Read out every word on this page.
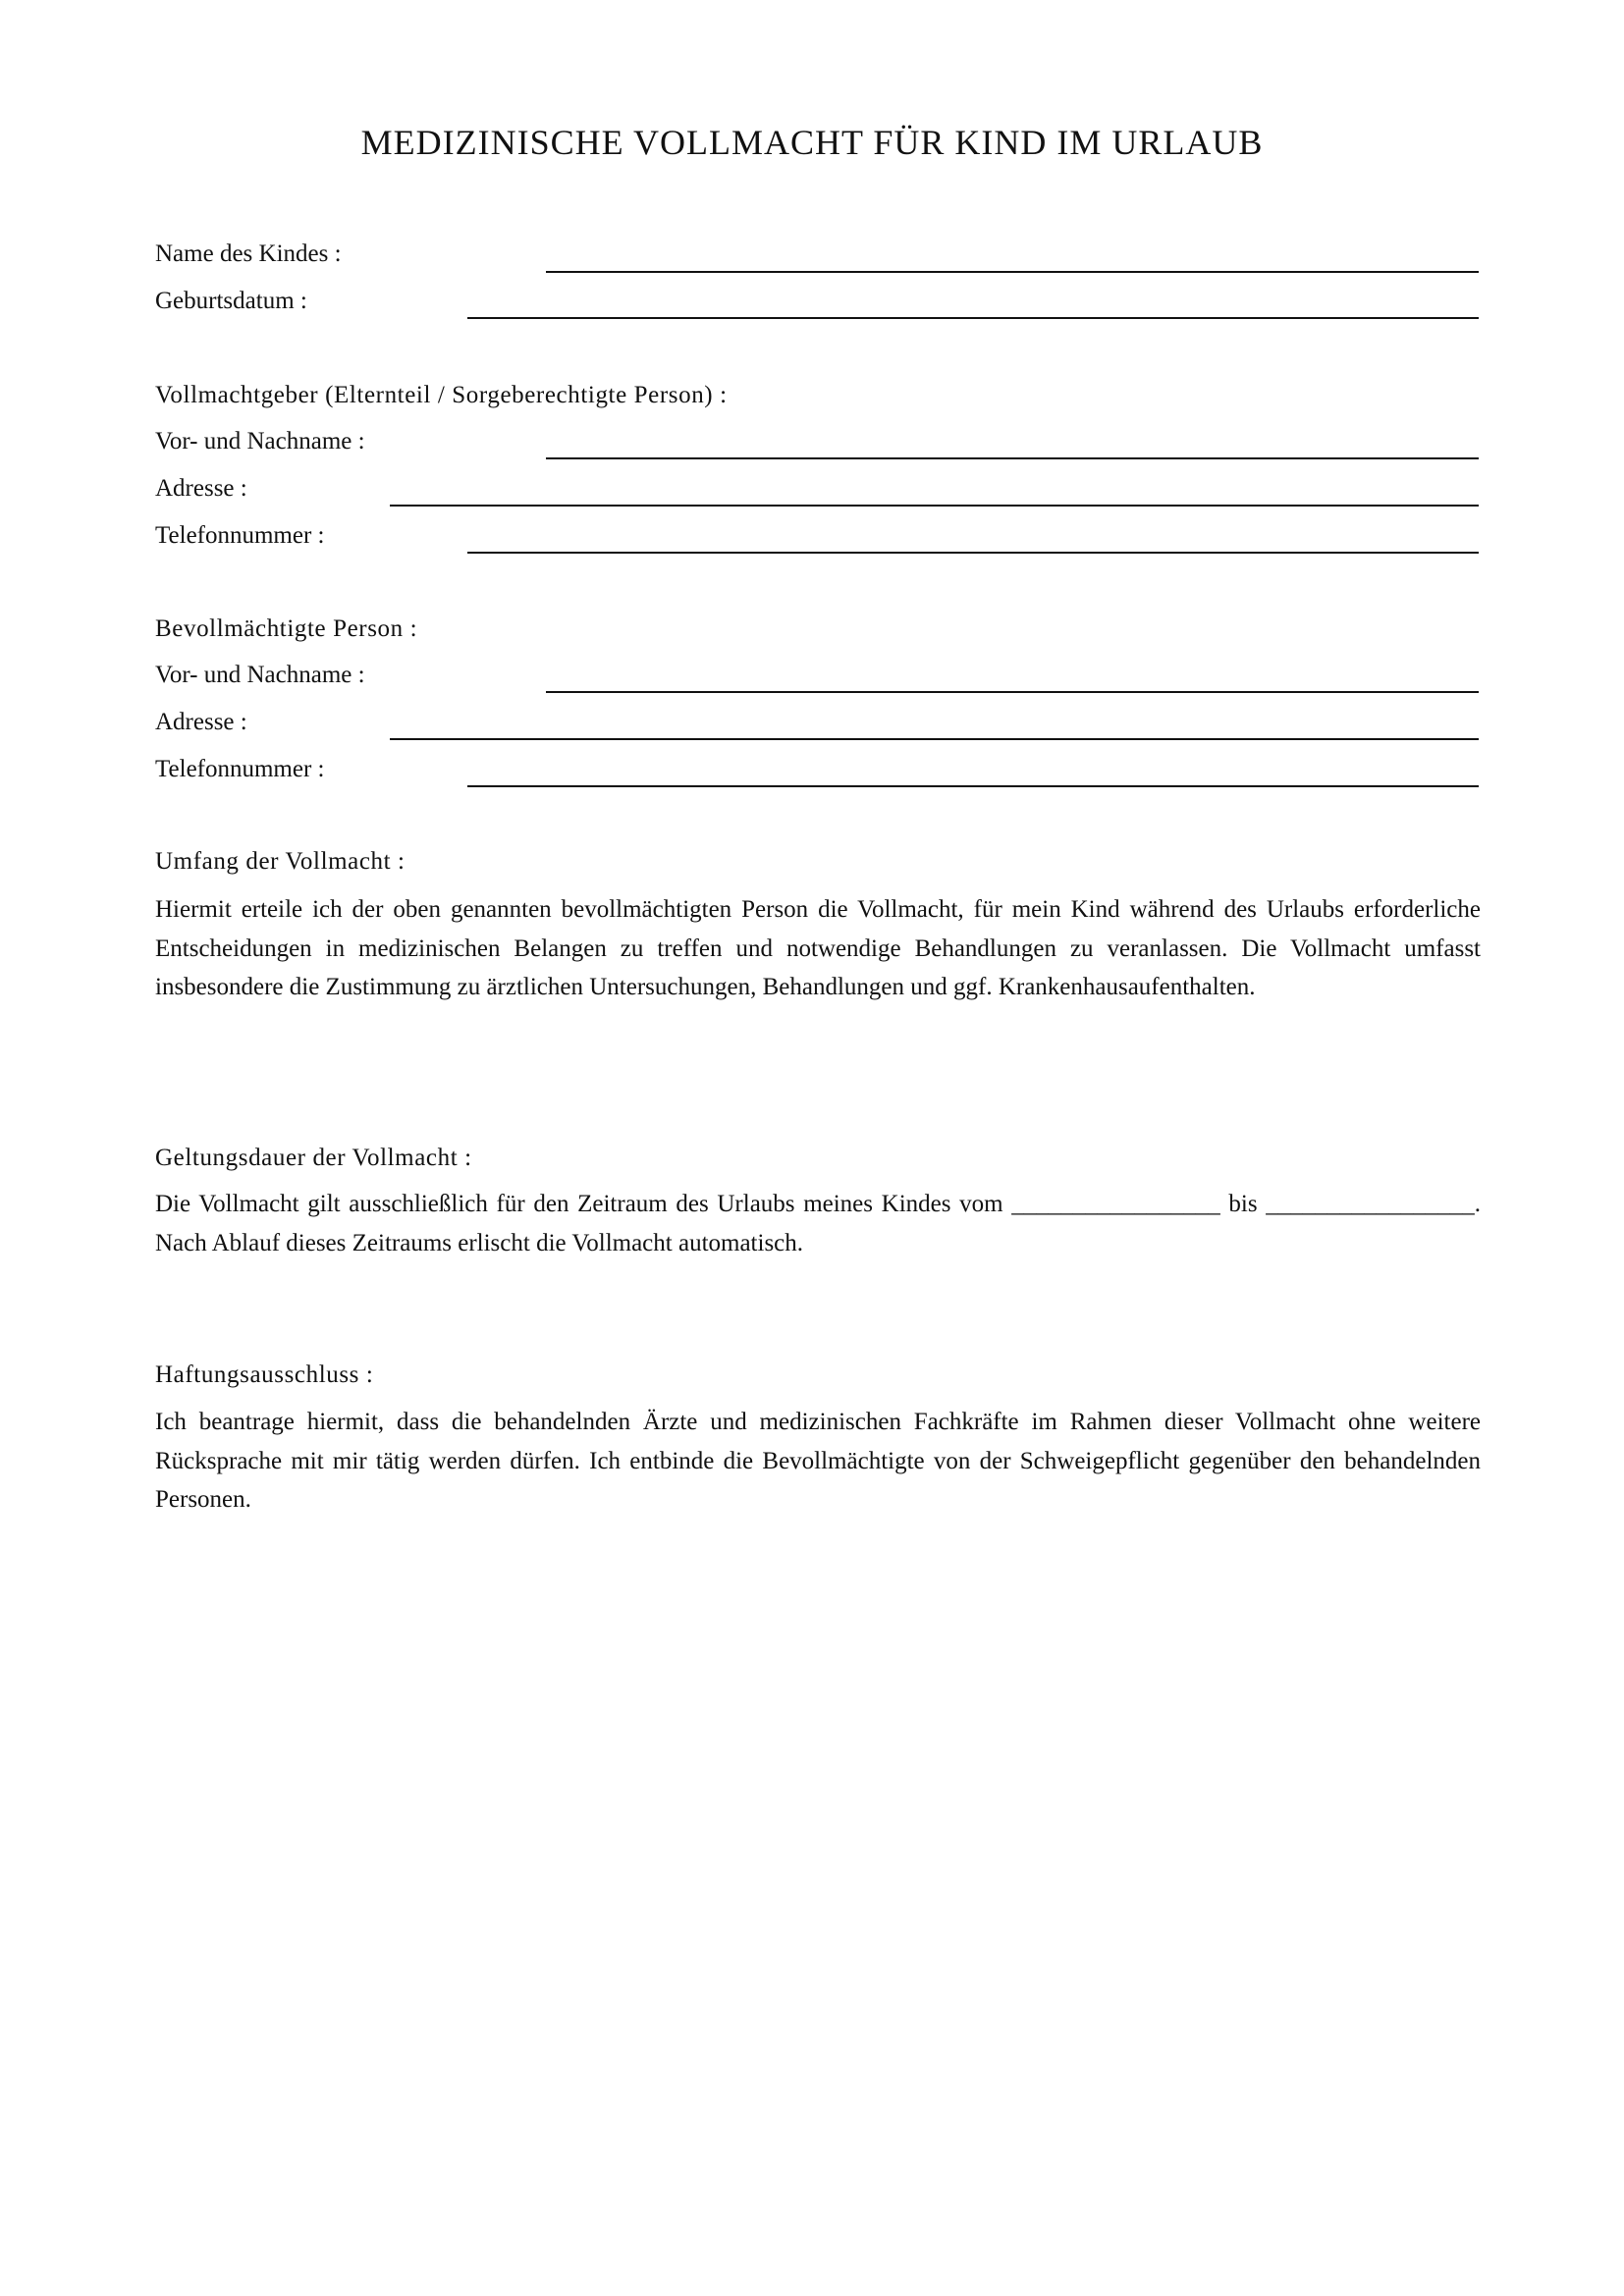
MEDIZINISCHE VOLLMACHT FÜR KIND IM URLAUB
Name des Kindes :
Geburtsdatum :
Vollmachtgeber (Elternteil / Sorgeberechtigte Person) :
Vor- und Nachname :
Adresse :
Telefonnummer :
Bevollmächtigte Person :
Vor- und Nachname :
Adresse :
Telefonnummer :
Umfang der Vollmacht :

Hiermit erteile ich der oben genannten bevollmächtigten Person die Vollmacht, für mein Kind während des Urlaubs erforderliche Entscheidungen in medizinischen Belangen zu treffen und notwendige Behandlungen zu veranlassen. Die Vollmacht umfasst insbesondere die Zustimmung zu ärztlichen Untersuchungen, Behandlungen und ggf. Krankenhausaufenthalten.

Geltungsdauer der Vollmacht :

Die Vollmacht gilt ausschließlich für den Zeitraum des Urlaubs meines Kindes vom _________________ bis _________________. Nach Ablauf dieses Zeitraums erlischt die Vollmacht automatisch.

Haftungsausschluss :

Ich beantrage hiermit, dass die behandelnden Ärzte und medizinischen Fachkräfte im Rahmen dieser Vollmacht ohne weitere Rücksprache mit mir tätig werden dürfen. Ich entbinde die Bevollmächtigte von der Schweigepflicht gegenüber den behandelnden Personen.
